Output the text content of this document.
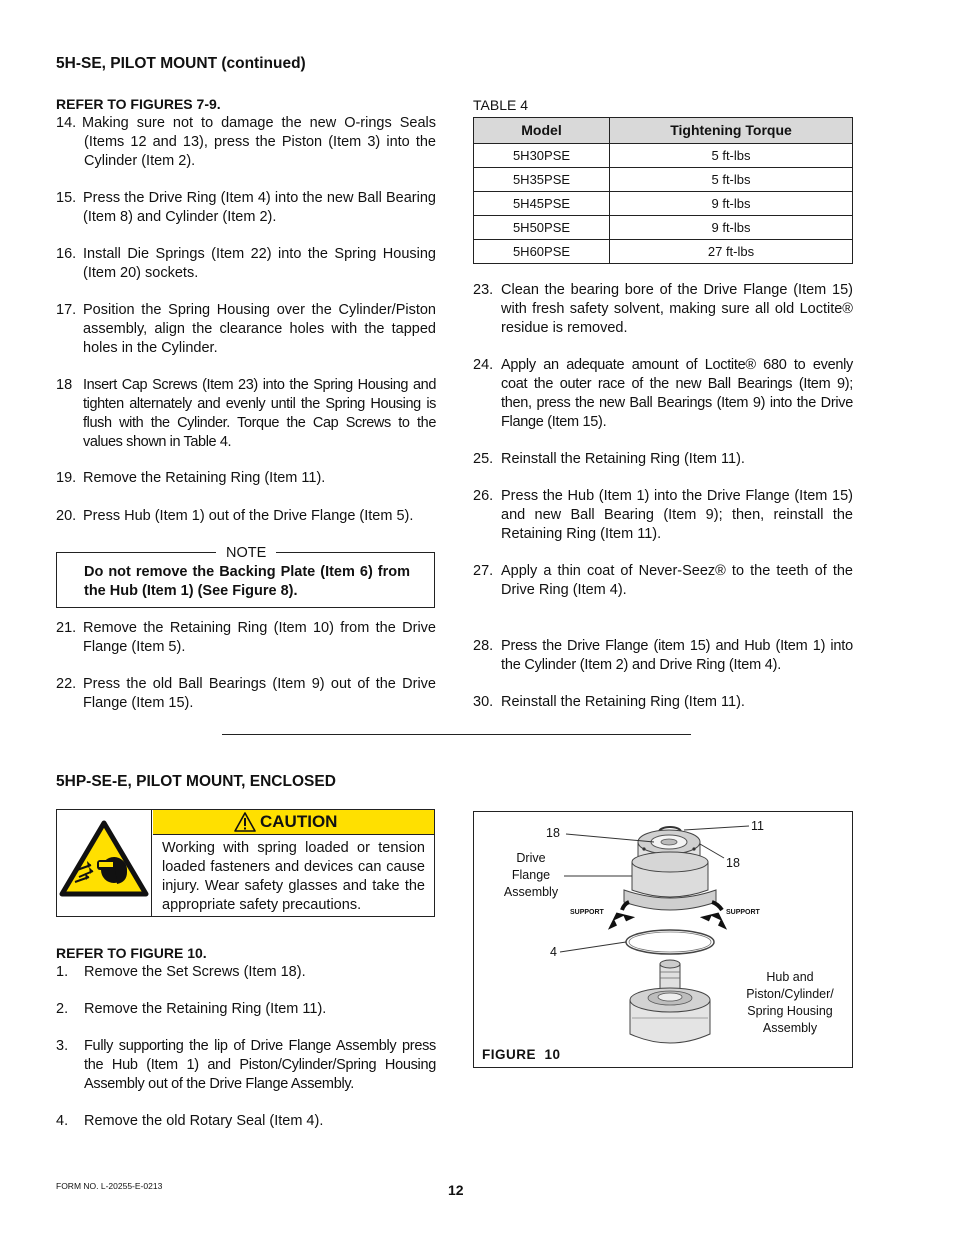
5H-SE, PILOT MOUNT (continued)
REFER TO FIGURES 7-9.
14. Making sure not to damage the new O-rings Seals (Items 12 and 13), press the Piston (Item 3) into the Cylinder (Item 2).
15. Press the Drive Ring (Item 4) into the new Ball Bearing (Item 8) and Cylinder (Item 2).
16. Install Die Springs (Item 22) into the Spring Housing (Item 20) sockets.
17. Position the Spring Housing over the Cylinder/Piston assembly, align the clearance holes with the tapped holes in the Cylinder.
18 Insert Cap Screws (Item 23) into the Spring Housing and tighten alternately and evenly until the Spring Housing is flush with the Cylinder. Torque the Cap Screws to the values shown in Table 4.
19. Remove the Retaining Ring (Item 11).
20. Press Hub (Item 1) out of the Drive Flange (Item 5).
NOTE
Do not remove the Backing Plate (Item 6) from the Hub (Item 1) (See Figure 8).
21. Remove the Retaining Ring (Item 10) from the Drive Flange (Item 5).
22. Press the old Ball Bearings (Item 9) out of the Drive Flange (Item 15).
TABLE 4
Model	Tightening Torque
5H30PSE	5 ft-lbs
5H35PSE	5 ft-lbs
5H45PSE	9 ft-lbs
5H50PSE	9 ft-lbs
5H60PSE	27 ft-lbs
23. Clean the bearing bore of the Drive Flange (Item 15) with fresh safety solvent, making sure all old Loctite® residue is removed.
24. Apply an adequate amount of Loctite® 680 to evenly coat the outer race of the new Ball Bearings (Item 9); then, press the new Ball Bearings (Item 9) into the Drive Flange (Item 15).
25. Reinstall the Retaining Ring (Item 11).
26. Press the Hub (Item 1) into the Drive Flange (Item 15) and new Ball Bearing (Item 9); then, reinstall the Retaining Ring (Item 11).
27. Apply a thin coat of Never-Seez® to the teeth of the Drive Ring (Item 4).
28. Press the Drive Flange (item 15) and Hub (Item 1) into the Cylinder (Item 2) and Drive Ring (Item 4).
30. Reinstall the Retaining Ring (Item 11).
5HP-SE-E, PILOT MOUNT, ENCLOSED
CAUTION
Working with spring loaded or tension loaded fasteners and devices can cause injury. Wear safety glasses and take the appropriate safety precautions.
REFER TO FIGURE 10.
1.	Remove the Set Screws (Item 18).
2.	Remove the Retaining Ring (Item 11).
3.	Fully supporting the lip of Drive Flange Assembly press the Hub (Item 1) and Piston/Cylinder/Spring Housing Assembly out of the Drive Flange Assembly.
4.	Remove the old Rotary Seal (Item 4).
18	11
18
Drive Flange Assembly
4
SUPPORT	SUPPORT
Hub and Piston/Cylinder/ Spring Housing Assembly
FIGURE  10
FORM NO. L-20255-E-0213	12
